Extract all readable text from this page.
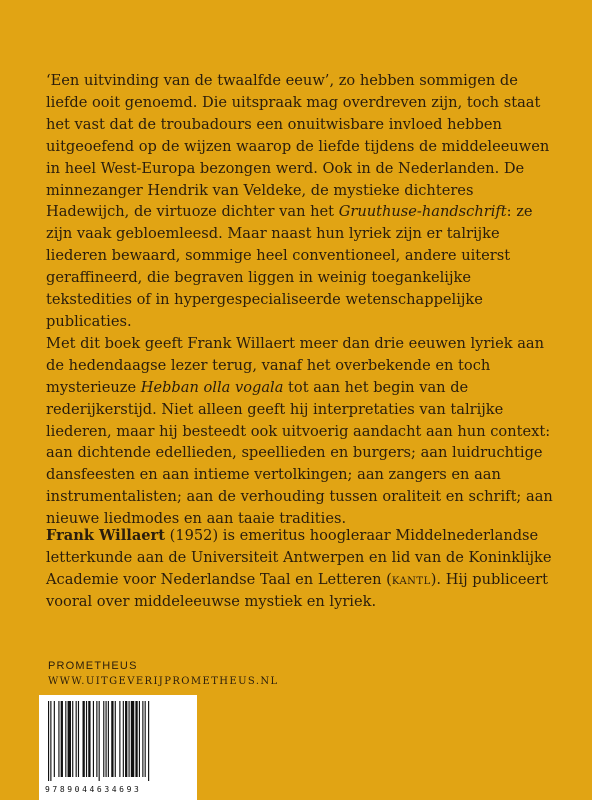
‘Een uitvinding van de twaalfde eeuw’, zo hebben sommigen de liefde ooit genoemd. Die uitspraak mag overdreven zijn, toch staat het vast dat de troubadours een onuitwisbare invloed hebben uitgeoefend op de wijzen waarop de liefde tijdens de middeleeuwen in heel West-Europa bezongen werd. Ook in de Nederlanden. De minnezanger Hendrik van Veldeke, de mystieke dichteres Hadewijch, de virtuoze dichter van het Gruuthuse-handschrift: ze zijn vaak gebloemleesd. Maar naast hun lyriek zijn er talrijke liederen bewaard, sommige heel conventioneel, andere uiterst geraffineerd, die begraven liggen in weinig toegankelijke tekstedities of in hypergespecialiseerde wetenschappelijke publicaties.

Met dit boek geeft Frank Willaert meer dan drie eeuwen lyriek aan de hedendaagse lezer terug, vanaf het overbekende en toch mysterieuze Hebban olla vogala tot aan het begin van de rederijkerstijd. Niet alleen geeft hij interpretaties van talrijke liederen, maar hij besteedt ook uitvoerig aandacht aan hun context: aan dichtende edellieden, speellieden en burgers; aan luidruchtige dansfeesten en aan intieme vertolkingen; aan zangers en aan instrumentalisten; aan de verhouding tussen oraliteit en schrift; aan nieuwe liedmodes en aan taaie tradities.

Frank Willaert (1952) is emeritus hoogleraar Middelnederlandse letterkunde aan de Universiteit Antwerpen en lid van de Koninklijke Academie voor Nederlandse Taal en Letteren (kantl). Hij publiceert vooral over middeleeuwse mystiek en lyriek.

PROMETHEUS
WWW.UITGEVERIJPROMETHEUS.NL
9789044634693
